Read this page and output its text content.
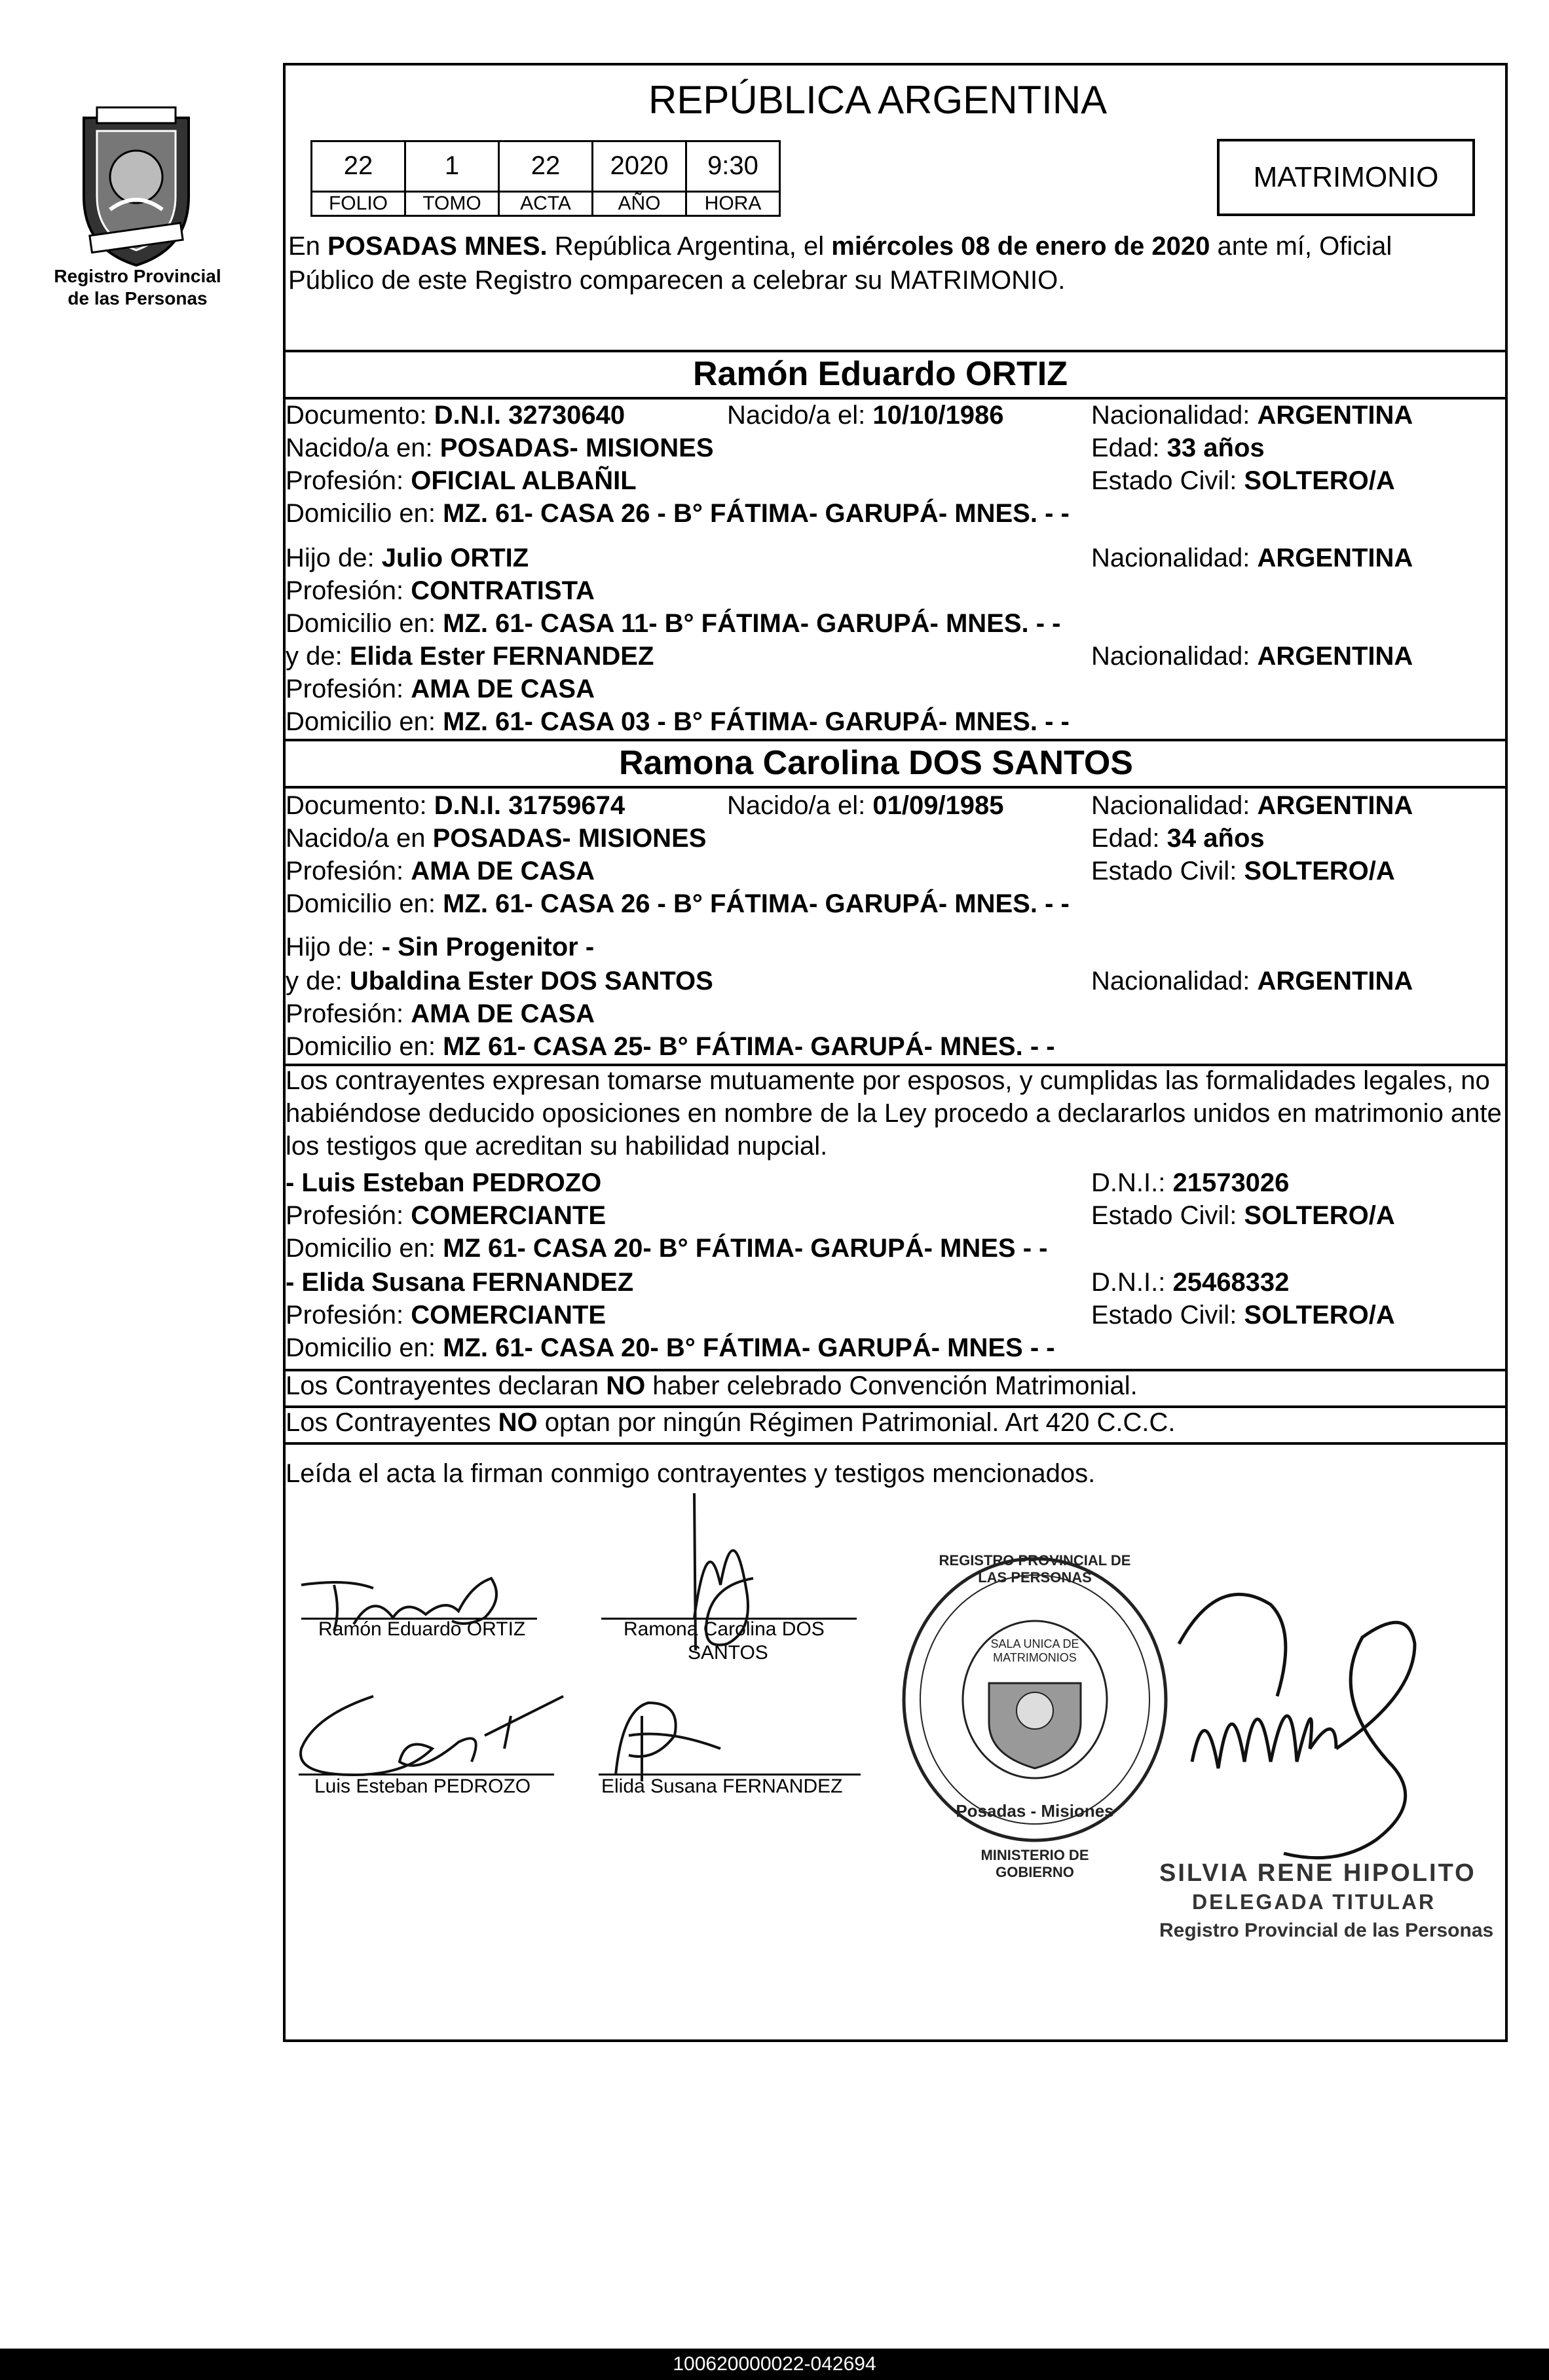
Registro Provincial
de las Personas
REPÚBLICA ARGENTINA
22	1	22	2020	9:30
FOLIO	TOMO	ACTA	AÑO	HORA
MATRIMONIO
En POSADAS MNES. República Argentina, el miércoles 08 de enero de 2020 ante mí, Oficial
Público de este Registro comparecen a celebrar su MATRIMONIO.
Ramón Eduardo ORTIZ
Documento: D.N.I. 32730640	Nacido/a el: 10/10/1986	Nacionalidad: ARGENTINA
Nacido/a en: POSADAS- MISIONES	Edad: 33 años
Profesión: OFICIAL ALBAÑIL	Estado Civil: SOLTERO/A
Domicilio en: MZ. 61- CASA 26 - B° FÁTIMA- GARUPÁ- MNES. - -
Hijo de: Julio ORTIZ	Nacionalidad: ARGENTINA
Profesión: CONTRATISTA
Domicilio en: MZ. 61- CASA 11- B° FÁTIMA- GARUPÁ- MNES. - -
y de: Elida Ester FERNANDEZ	Nacionalidad: ARGENTINA
Profesión: AMA DE CASA
Domicilio en: MZ. 61- CASA 03 - B° FÁTIMA- GARUPÁ- MNES. - -
Ramona Carolina DOS SANTOS
Documento: D.N.I. 31759674	Nacido/a el: 01/09/1985	Nacionalidad: ARGENTINA
Nacido/a en POSADAS- MISIONES	Edad: 34 años
Profesión: AMA DE CASA	Estado Civil: SOLTERO/A
Domicilio en: MZ. 61- CASA 26 - B° FÁTIMA- GARUPÁ- MNES. - -
Hijo de: - Sin Progenitor -
y de: Ubaldina Ester DOS SANTOS	Nacionalidad: ARGENTINA
Profesión: AMA DE CASA
Domicilio en: MZ 61- CASA 25- B° FÁTIMA- GARUPÁ- MNES. - -
Los contrayentes expresan tomarse mutuamente por esposos, y cumplidas las formalidades legales, no
habiéndose deducido oposiciones en nombre de la Ley procedo a declararlos unidos en matrimonio ante
los testigos que acreditan su habilidad nupcial.
- Luis Esteban PEDROZO	D.N.I.: 21573026
Profesión: COMERCIANTE	Estado Civil: SOLTERO/A
Domicilio en: MZ 61- CASA 20- B° FÁTIMA- GARUPÁ- MNES - -
- Elida Susana FERNANDEZ	D.N.I.: 25468332
Profesión: COMERCIANTE	Estado Civil: SOLTERO/A
Domicilio en: MZ. 61- CASA 20- B° FÁTIMA- GARUPÁ- MNES - -
Los Contrayentes declaran NO haber celebrado Convención Matrimonial.
Los Contrayentes NO optan por ningún Régimen Patrimonial. Art 420 C.C.C.
Leída el acta la firman conmigo contrayentes y testigos mencionados.
Ramón Eduardo ORTIZ	Ramona Carolina DOS
SANTOS
Luis Esteban PEDROZO	Elida Susana FERNANDEZ
REGISTRO PROVINCIAL DE LAS PERSONAS
SALA UNICA DE MATRIMONIOS
Posadas - Misiones
MINISTERIO DE GOBIERNO	SILVIA RENE HIPOLITO
DELEGADA TITULAR
Registro Provincial de las Personas
100620000022-042694
